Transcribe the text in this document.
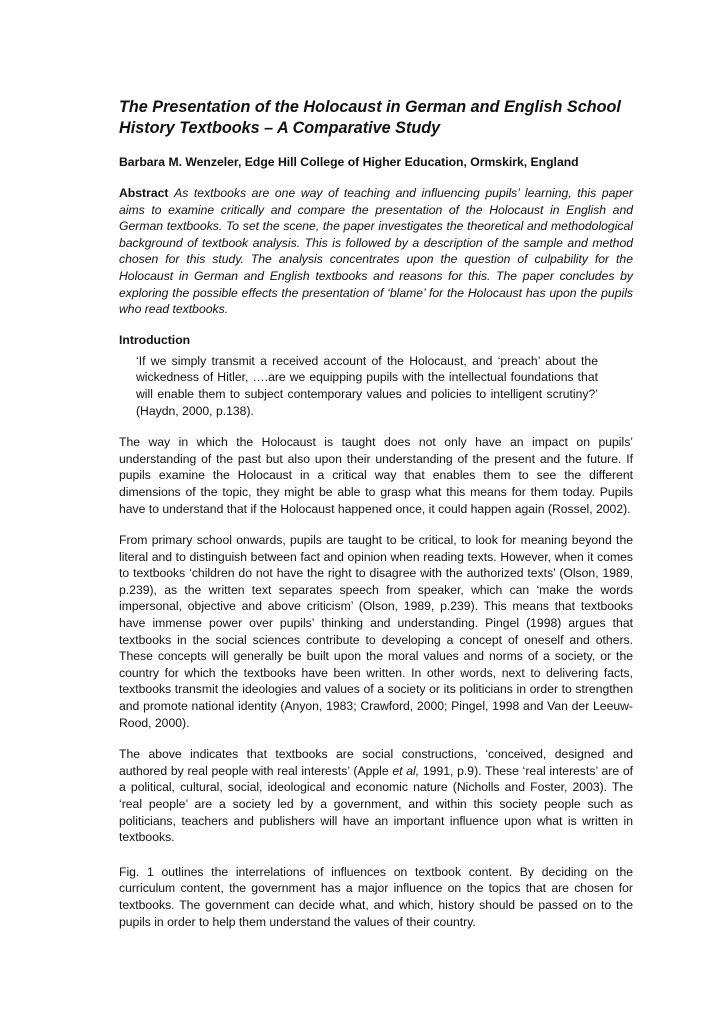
The Presentation of the Holocaust in German and English School History Textbooks – A Comparative Study

Barbara M. Wenzeler, Edge Hill College of Higher Education, Ormskirk, England

Abstract As textbooks are one way of teaching and influencing pupils’ learning, this paper aims to examine critically and compare the presentation of the Holocaust in English and German textbooks. To set the scene, the paper investigates the theoretical and methodological background of textbook analysis. This is followed by a description of the sample and method chosen for this study. The analysis concentrates upon the question of culpability for the Holocaust in German and English textbooks and reasons for this. The paper concludes by exploring the possible effects the presentation of ‘blame’ for the Holocaust has upon the pupils who read textbooks.

Introduction

‘If we simply transmit a received account of the Holocaust, and ‘preach’ about the wickedness of Hitler, ….are we equipping pupils with the intellectual foundations that will enable them to subject contemporary values and policies to intelligent scrutiny?’ (Haydn, 2000, p.138).

The way in which the Holocaust is taught does not only have an impact on pupils’ understanding of the past but also upon their understanding of the present and the future. If pupils examine the Holocaust in a critical way that enables them to see the different dimensions of the topic, they might be able to grasp what this means for them today. Pupils have to understand that if the Holocaust happened once, it could happen again (Rossel, 2002).

From primary school onwards, pupils are taught to be critical, to look for meaning beyond the literal and to distinguish between fact and opinion when reading texts. However, when it comes to textbooks ‘children do not have the right to disagree with the authorized texts’ (Olson, 1989, p.239), as the written text separates speech from speaker, which can ‘make the words impersonal, objective and above criticism’ (Olson, 1989, p.239). This means that textbooks have immense power over pupils’ thinking and understanding. Pingel (1998) argues that textbooks in the social sciences contribute to developing a concept of oneself and others. These concepts will generally be built upon the moral values and norms of a society, or the country for which the textbooks have been written. In other words, next to delivering facts, textbooks transmit the ideologies and values of a society or its politicians in order to strengthen and promote national identity (Anyon, 1983; Crawford, 2000; Pingel, 1998 and Van der Leeuw-Rood, 2000).

The above indicates that textbooks are social constructions, ‘conceived, designed and authored by real people with real interests’ (Apple et al, 1991, p.9). These ‘real interests’ are of a political, cultural, social, ideological and economic nature (Nicholls and Foster, 2003). The ‘real people’ are a society led by a government, and within this society people such as politicians, teachers and publishers will have an important influence upon what is written in textbooks.

Fig. 1 outlines the interrelations of influences on textbook content. By deciding on the curriculum content, the government has a major influence on the topics that are chosen for textbooks. The government can decide what, and which, history should be passed on to the pupils in order to help them understand the values of their country.
